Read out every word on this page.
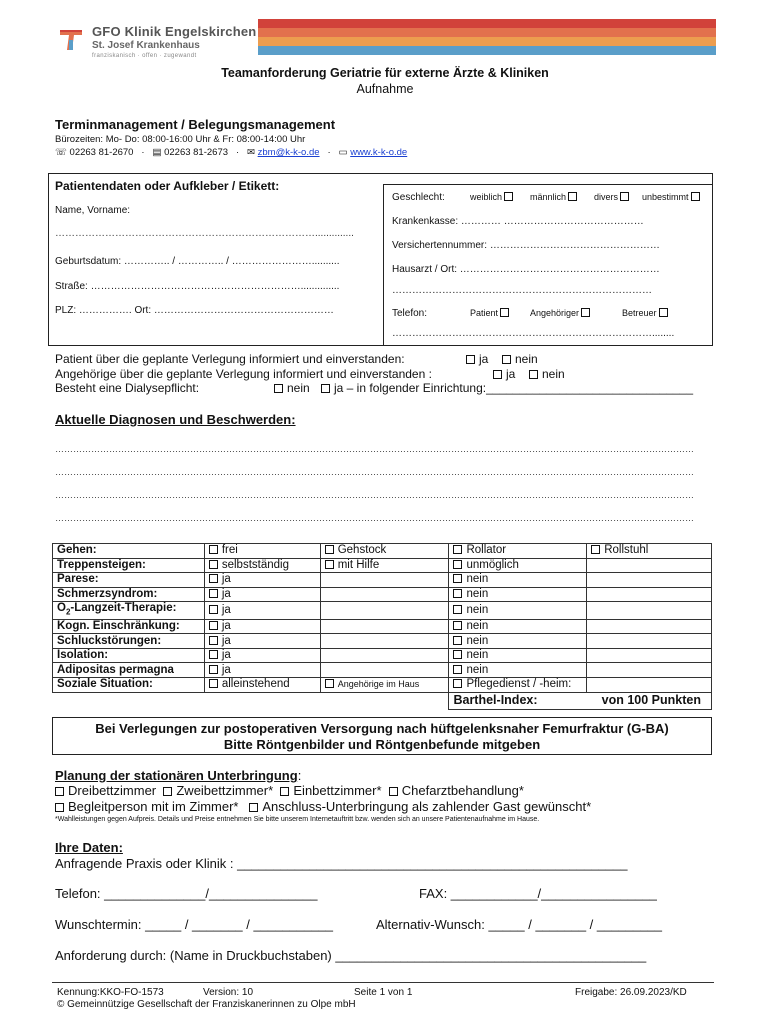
GFO Klinik Engelskirchen
St. Josef Krankenhaus
franziskanisch · offen · zugewandt
Teamanforderung Geriatrie für externe Ärzte & Kliniken
Aufnahme
Terminmanagement / Belegungsmanagement
Bürozeiten: Mo- Do: 08:00-16:00 Uhr & Fr: 08:00-14:00 Uhr
☏ 02263 81-2670 · ▤ 02263 81-2673 · ✉ zbm@k-k-o.de · ▭ www.k-k-o.de
Patientendaten oder Aufkleber / Etikett:
Name, Vorname:
……………………………………………………………………..............
Geburtsdatum: ………….. / ………….. / ……………………..........
Straße: ………………………………………………………..............
PLZ: ……………. Ort: ………………………………………………
Geschlecht:	weiblich	männlich	divers	unbestimmt
Krankenkasse: ………… ……………………………………
Versichertennummer: ……………………………………………
Hausarzt / Ort: ……………………………………………………
……………………………………………………………………
Telefon:	Patient	Angehöriger	Betreuer
……………………………………………………………………........
Patient über die geplante Verlegung informiert und einverstanden:	ja	nein
Angehörige über die geplante Verlegung informiert und einverstanden :	ja	nein
Besteht eine Dialysepflicht:	nein	ja – in folgender Einrichtung:_______________________________
Aktuelle Diagnosen und Beschwerden:
……………………………………………………………………………………………………………………………………………………………………………………………
……………………………………………………………………………………………………………………………………………………………………………………………
……………………………………………………………………………………………………………………………………………………………………………………………
……………………………………………………………………………………………………………………………………………………………………………………………
Gehen:	frei	Gehstock	Rollator	Rollstuhl
Treppensteigen:	selbstständig	mit Hilfe	unmöglich	
Parese:	ja		nein	
Schmerzsyndrom:	ja		nein	
$O_2-Langzeit$-Therapie:	ja		nein	
Kogn. Einschränkung:	ja		nein	
Schluckstörungen:	ja		nein	
Isolation:	ja		nein	
Adipositas permagna	ja		nein	
Soziale Situation:	alleinstehend	Angehörige im Haus	Pflegedienst / -heim:	
			Barthel-Index: von 100 Punkten	
Bei Verlegungen zur postoperativen Versorgung nach hüftgelenksnaher Femurfraktur (G-BA)
Bitte Röntgenbilder und Röntgenbefunde mitgeben
Planung der stationären Unterbringung:
Dreibettzimmer Zweibettzimmer* Einbettzimmer* Chefarztbehandlung*
Begleitperson mit im Zimmer* Anschluss-Unterbringung als zahlender Gast gewünscht*
*Wahlleistungen gegen Aufpreis. Details und Preise entnehmen Sie bitte unserem Internetauftritt bzw. wenden sich an unsere Patientenaufnahme im Hause.
Ihre Daten:
Anfragende Praxis oder Klinik : ______________________________________________________
Telefon: ______________/_______________	FAX: ____________/________________
Wunschtermin: _____ / _______ / ___________	Alternativ-Wunsch: _____ / _______ / _________
Anforderung durch: (Name in Druckbuchstaben) ___________________________________________
Kennung:KKO-FO-1573	Version: 10	Seite 1 von 1	Freigabe: 26.09.2023/KD
© Gemeinnützige Gesellschaft der Franziskanerinnen zu Olpe mbH
